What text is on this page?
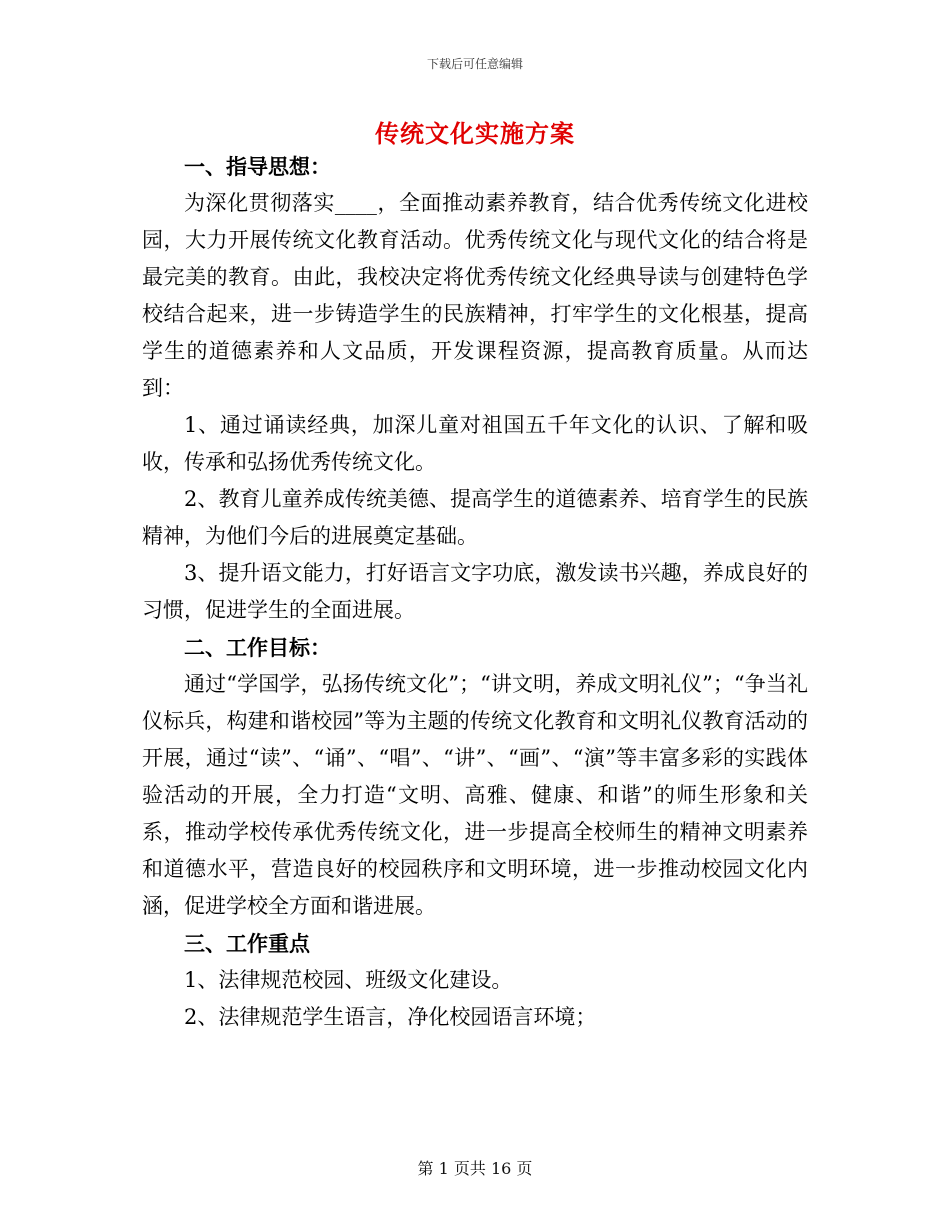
下载后可任意编辑
传统文化实施方案

一、指导思想：

为深化贯彻落实____，全面推动素养教育，结合优秀传统文化进校园，大力开展传统文化教育活动。优秀传统文化与现代文化的结合将是最完美的教育。由此，我校决定将优秀传统文化经典导读与创建特色学校结合起来，进一步铸造学生的民族精神，打牢学生的文化根基，提高学生的道德素养和人文品质，开发课程资源，提高教育质量。从而达到：

1、通过诵读经典，加深儿童对祖国五千年文化的认识、了解和吸收，传承和弘扬优秀传统文化。

2、教育儿童养成传统美德、提高学生的道德素养、培育学生的民族精神，为他们今后的进展奠定基础。

3、提升语文能力，打好语言文字功底，激发读书兴趣，养成良好的习惯，促进学生的全面进展。

二、工作目标：

通过“学国学，弘扬传统文化”；“讲文明，养成文明礼仪”；“争当礼仪标兵，构建和谐校园”等为主题的传统文化教育和文明礼仪教育活动的开展，通过“读”、“诵”、“唱”、“讲”、“画”、“演”等丰富多彩的实践体验活动的开展，全力打造“文明、高雅、健康、和谐”的师生形象和关系，推动学校传承优秀传统文化，进一步提高全校师生的精神文明素养和道德水平，营造良好的校园秩序和文明环境，进一步推动校园文化内涵，促进学校全方面和谐进展。

三、工作重点

1、法律规范校园、班级文化建设。

2、法律规范学生语言，净化校园语言环境；

第 1 页共 16 页
